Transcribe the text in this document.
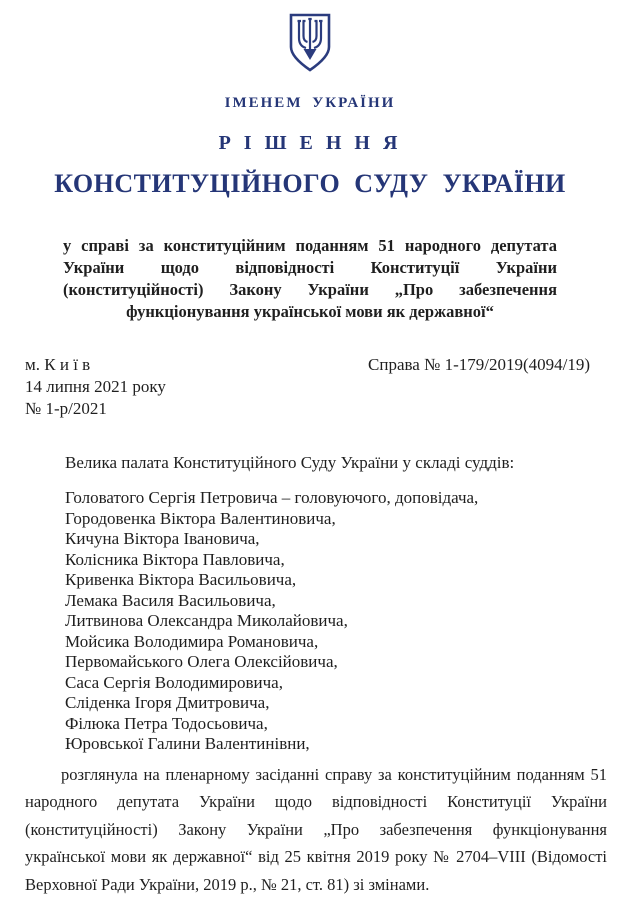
ІМЕНЕМ УКРАЇНИ
Р І Ш Е Н Н Я
КОНСТИТУЦІЙНОГО СУДУ УКРАЇНИ

у справі за конституційним поданням 51 народного депутата України щодо відповідності Конституції України (конституційності) Закону України „Про забезпечення функціонування української мови як державної“

м. К и ї в
14 липня 2021 року
№ 1-р/2021
Справа № 1-179/2019(4094/19)
Велика палата Конституційного Суду України у складі суддів:
Головатого Сергія Петровича – головуючого, доповідача,
Городовенка Віктора Валентиновича,
Кичуна Віктора Івановича,
Колісника Віктора Павловича,
Кривенка Віктора Васильовича,
Лемака Василя Васильовича,
Литвинова Олександра Миколайовича,
Мойсика Володимира Романовича,
Первомайського Олега Олексійовича,
Саса Сергія Володимировича,
Сліденка Ігоря Дмитровича,
Філюка Петра Тодосьовича,
Юровської Галини Валентинівни,

розглянула на пленарному засіданні справу за конституційним поданням 51 народного депутата України щодо відповідності Конституції України (конституційності) Закону України „Про забезпечення функціонування української мови як державної“ від 25 квітня 2019 року № 2704–VIII (Відомості Верховної Ради України, 2019 р., № 21, ст. 81) зі змінами.
